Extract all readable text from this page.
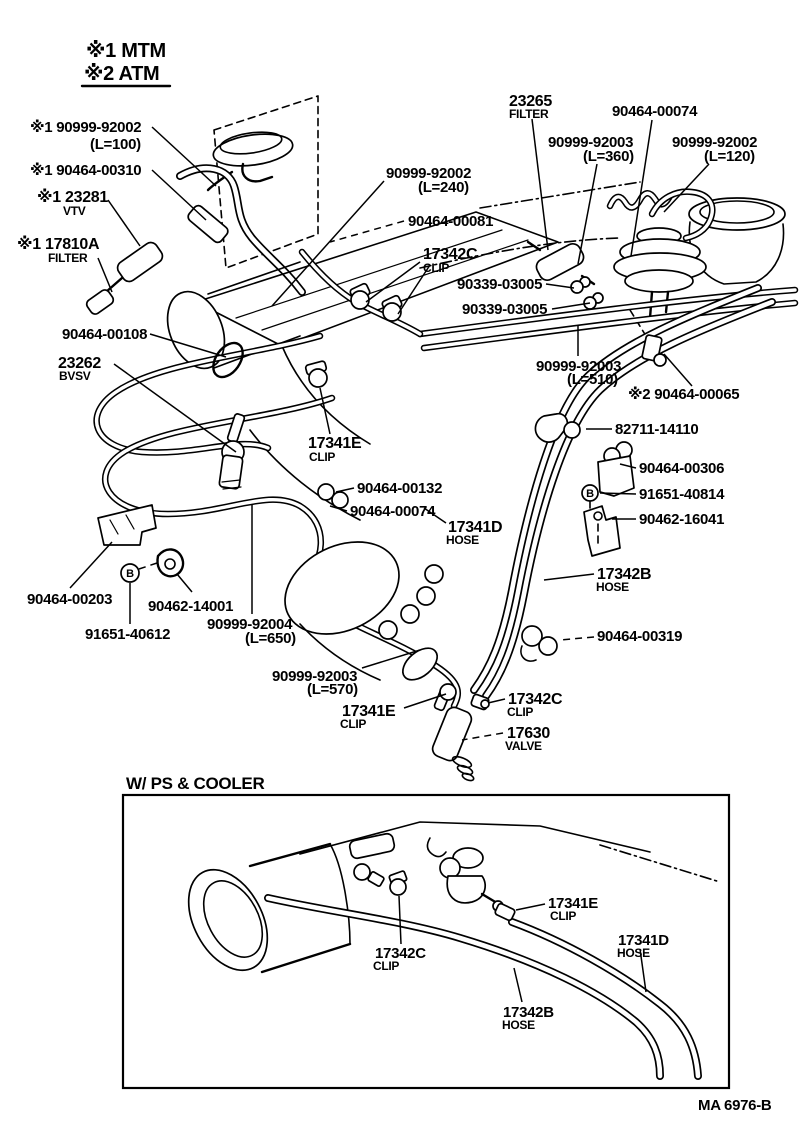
B
B
※1 MTM
※2 ATM
※1 90999-92002
(L=100)
※1 90464-00310
※1 23281
VTV
※1 17810A
FILTER
23265
FILTER	90464-00074
90999-92003
(L=360)
90999-92002
(L=120)
90999-92002
(L=240)
90464-00081
17342C
CLIP
90339-03005
90339-03005
90464-00108
23262
BVSV
90999-92003
(L=510)
※2 90464-00065
82711-14110
90464-00306
91651-40814
90462-16041
17341E
CLIP
90464-00132
90464-00074
17341D
HOSE
17342B
HOSE
90464-00319
90464-00203 90462-14001
91651-40612
90999-92004
(L=650)
90999-92003
(L=570)
17341E
CLIP
17342C
CLIP
17630
VALVE
W/ PS & COOLER
17341E
CLIP
17342C
CLIP
17341D
HOSE
17342B
HOSE
MA 6976-B
